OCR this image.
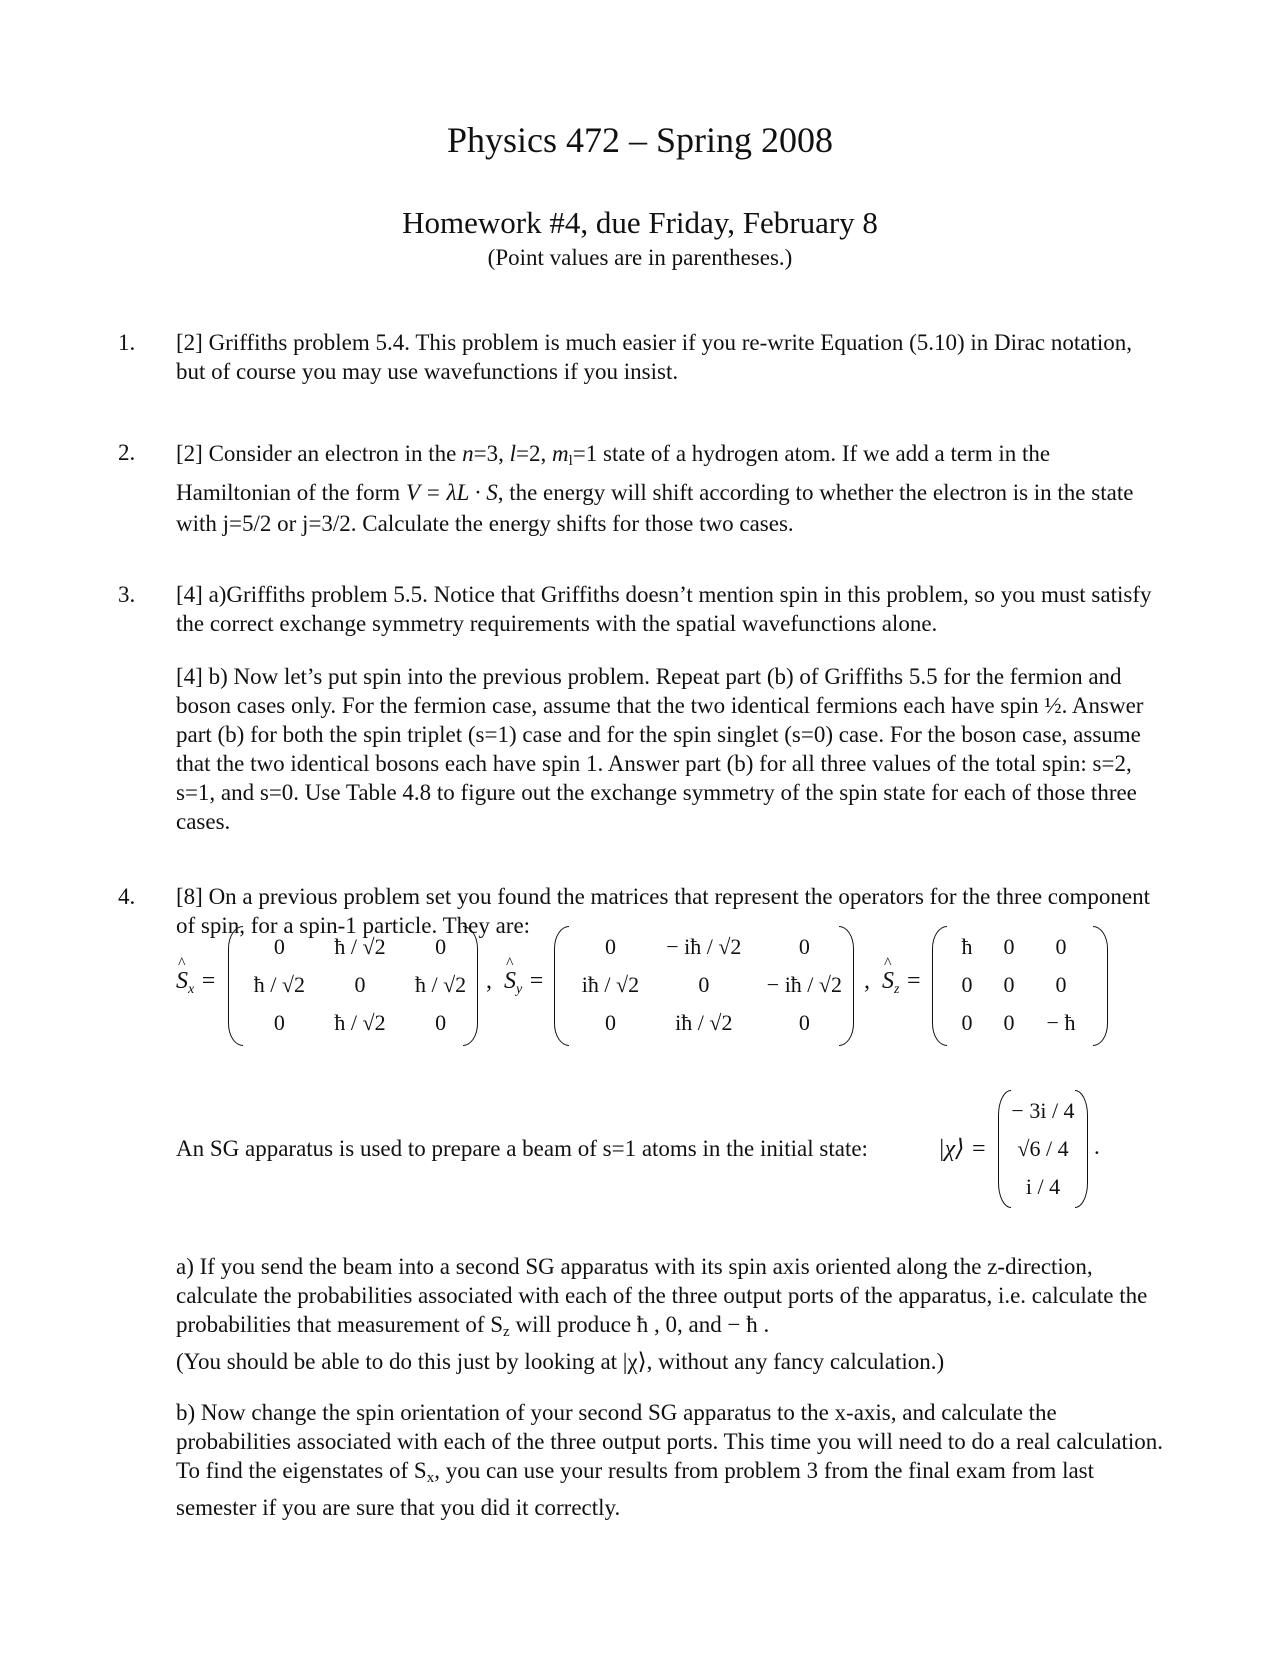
Physics 472 – Spring 2008
Homework #4, due Friday, February 8
(Point values are in parentheses.)
1.	[2] Griffiths problem 5.4. This problem is much easier if you re-write Equation (5.10) in Dirac notation, but of course you may use wavefunctions if you insist.

2.	[2] Consider an electron in the n=3, l=2, $m_l=1$ state of a hydrogen atom. If we add a term in the Hamiltonian of the form V = λL · S, the energy will shift according to whether the electron is in the state with j=5/2 or j=3/2. Calculate the energy shifts for those two cases.

3.	[4] a)Griffiths problem 5.5. Notice that Griffiths doesn’t mention spin in this problem, so you must satisfy the correct exchange symmetry requirements with the spatial wavefunctions alone.

[4] b) Now let’s put spin into the previous problem. Repeat part (b) of Griffiths 5.5 for the fermion and boson cases only. For the fermion case, assume that the two identical fermions each have spin ½. Answer part (b) for both the spin triplet (s=1) case and for the spin singlet (s=0) case. For the boson case, assume that the two identical bosons each have spin 1. Answer part (b) for all three values of the total spin: s=2, s=1, and s=0. Use Table 4.8 to figure out the exchange symmetry of the spin state for each of those three cases.

4.	[8] On a previous problem set you found the matrices that represent the operators for the three component of spin, for a spin-1 particle. They are:

^
$S_x$ =
0	ħ / √2	0
ħ / √2	0	ħ / √2
0	ħ / √2	0
,
^
$S_y$ =
0	− iħ / √2	0
iħ / √2	0	− iħ / √2
0	iħ / √2	0
,
^
$S_z$ =
ħ	0	0
0	0	0
0	0	− ħ

An SG apparatus is used to prepare a beam of s=1 atoms in the initial state:	|χ⟩ =
− 3i / 4
√6 / 4
i / 4
.

a) If you send the beam into a second SG apparatus with its spin axis oriented along the z-direction, calculate the probabilities associated with each of the three output ports of the apparatus, i.e. calculate the probabilities that measurement of $S_z$ will produce ħ , 0, and − ħ .
(You should be able to do this just by looking at |χ⟩, without any fancy calculation.)

b) Now change the spin orientation of your second SG apparatus to the x-axis, and calculate the probabilities associated with each of the three output ports. This time you will need to do a real calculation. To find the eigenstates of $S_x$, you can use your results from problem 3 from the final exam from last semester if you are sure that you did it correctly.
